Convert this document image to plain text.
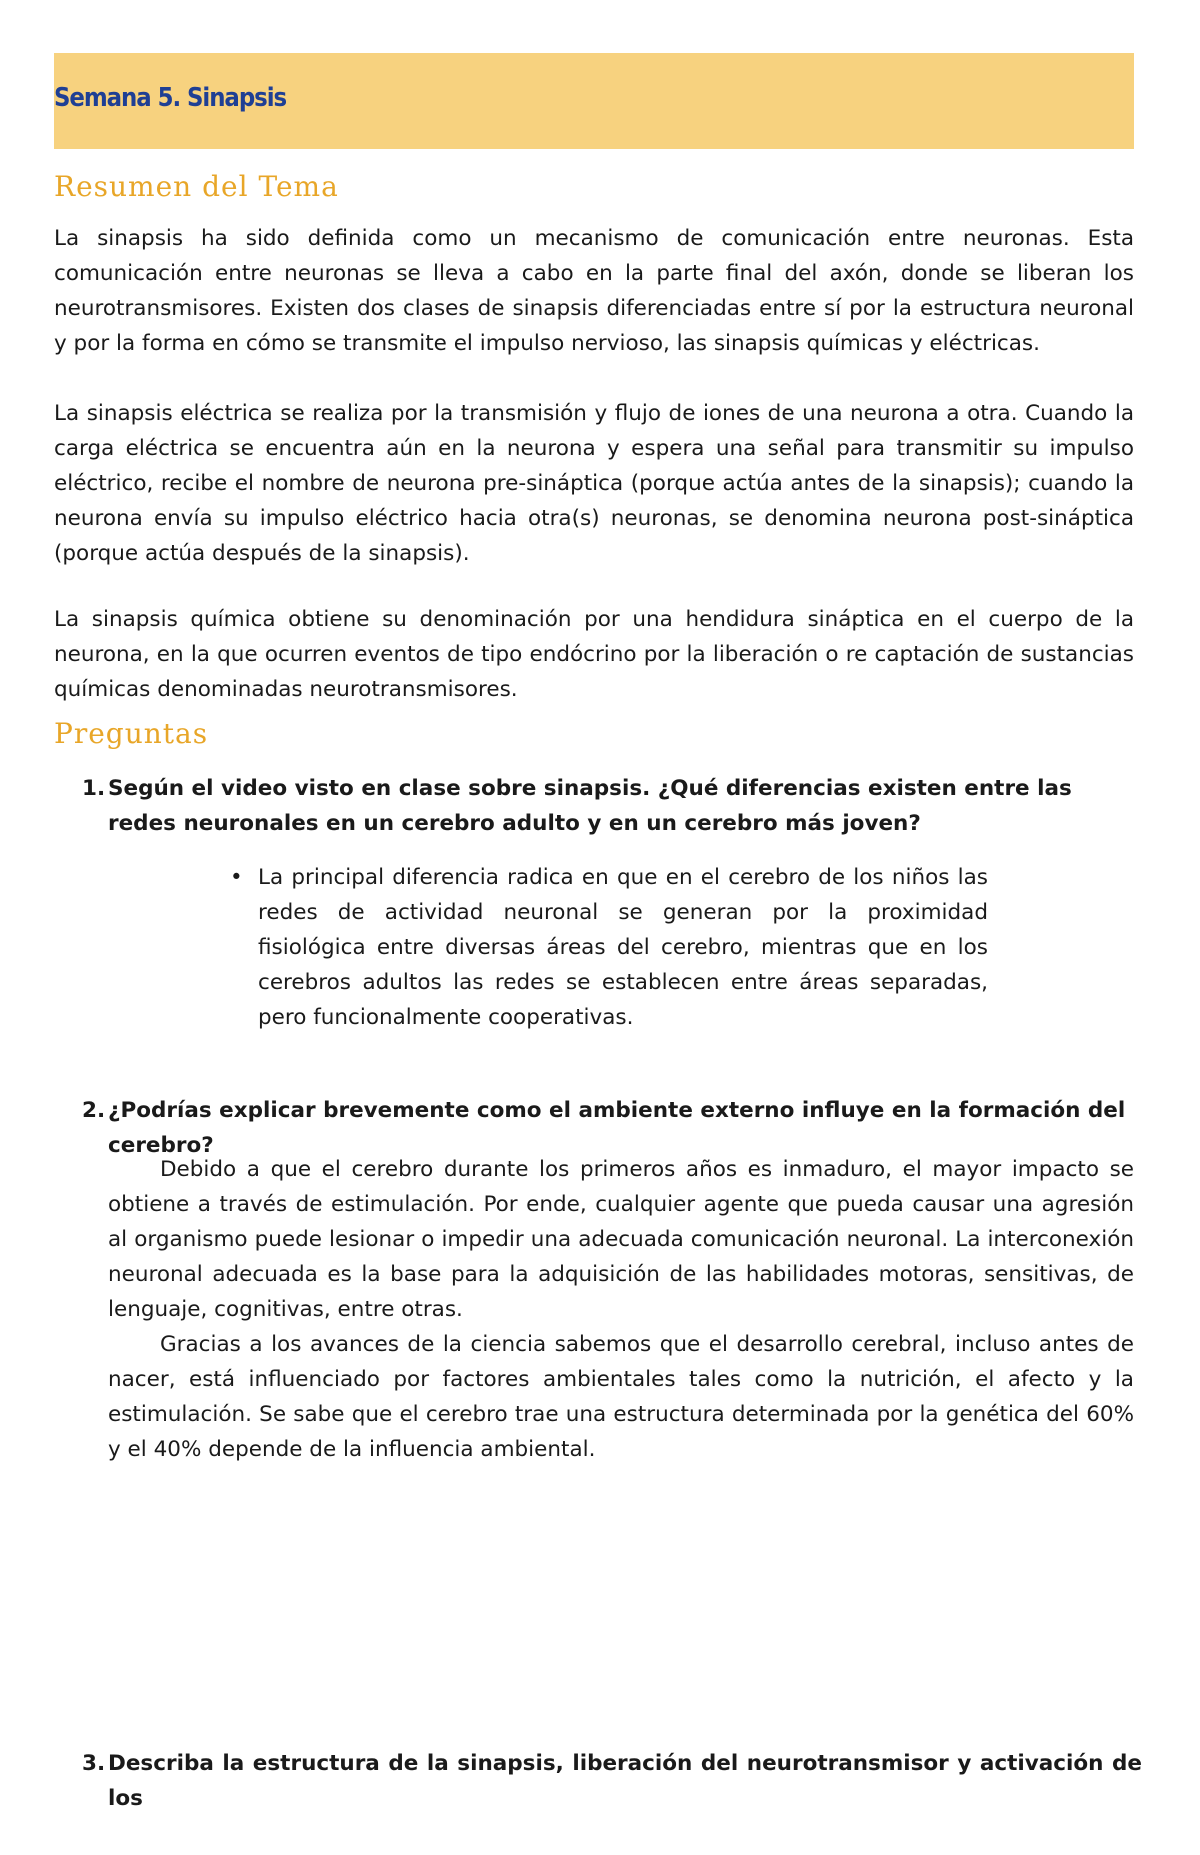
Semana 5. Sinapsis
Resumen del Tema

La sinapsis ha sido definida como un mecanismo de comunicación entre neuronas. Esta comunicación entre neuronas se lleva a cabo en la parte final del axón, donde se liberan los neurotransmisores. Existen dos clases de sinapsis diferenciadas entre sí por la estructura neuronal y por la forma en cómo se transmite el impulso nervioso, las sinapsis químicas y eléctricas.

La sinapsis eléctrica se realiza por la transmisión y flujo de iones de una neurona a otra. Cuando la carga eléctrica se encuentra aún en la neurona y espera una señal para transmitir su impulso eléctrico, recibe el nombre de neurona pre-sináptica (porque actúa antes de la sinapsis); cuando la neurona envía su impulso eléctrico hacia otra(s) neuronas, se denomina neurona post-sináptica (porque actúa después de la sinapsis).

La sinapsis química obtiene su denominación por una hendidura sináptica en el cuerpo de la neurona, en la que ocurren eventos de tipo endócrino por la liberación o re captación de sustancias químicas denominadas neurotransmisores.

Preguntas
1. Según el video visto en clase sobre sinapsis. ¿Qué diferencias existen entre las redes neuronales en un cerebro adulto y en un cerebro más joven?
• La principal diferencia radica en que en el cerebro de los niños las redes de actividad neuronal se generan por la proximidad fisiológica entre diversas áreas del cerebro, mientras que en los cerebros adultos las redes se establecen entre áreas separadas, pero funcionalmente cooperativas.

2. ¿Podrías explicar brevemente como el ambiente externo influye en la formación del cerebro?

Debido a que el cerebro durante los primeros años es inmaduro, el mayor impacto se obtiene a través de estimulación. Por ende, cualquier agente que pueda causar una agresión al organismo puede lesionar o impedir una adecuada comunicación neuronal. La interconexión neuronal adecuada es la base para la adquisición de las habilidades motoras, sensitivas, de lenguaje, cognitivas, entre otras.

Gracias a los avances de la ciencia sabemos que el desarrollo cerebral, incluso antes de nacer, está influenciado por factores ambientales tales como la nutrición, el afecto y la estimulación. Se sabe que el cerebro trae una estructura determinada por la genética del 60% y el 40% depende de la influencia ambiental.

3. Describa la estructura de la sinapsis, liberación del neurotransmisor y activación de los
